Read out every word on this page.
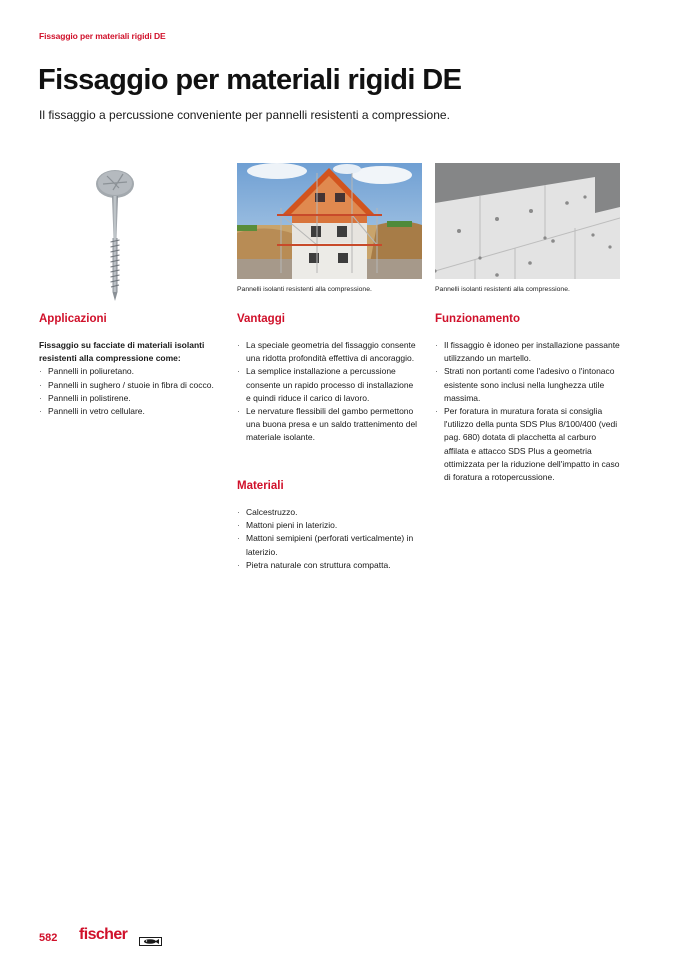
Fissaggio per materiali rigidi DE
Fissaggio per materiali rigidi DE

Il fissaggio a percussione conveniente per pannelli resistenti a compressione.

Pannelli isolanti resistenti alla compressione.	Pannelli isolanti resistenti alla compressione.
Applicazioni

Fissaggio su facciate di materiali isolanti resistenti alla compressione come:

· Pannelli in poliuretano.
· Pannelli in sughero / stuoie in fibra di cocco.
· Pannelli in polistirene.
· Pannelli in vetro cellulare.
Vantaggi
· La speciale geometria del fissaggio consente una ridotta profondità effettiva di ancoraggio.
· La semplice installazione a percussione consente un rapido processo di installazione e quindi riduce il carico di lavoro.
· Le nervature flessibili del gambo permettono una buona presa e un saldo trattenimento del materiale isolante.
Materiali
· Calcestruzzo.
· Mattoni pieni in laterizio.
· Mattoni semipieni (perforati verticalmente) in laterizio.
· Pietra naturale con struttura compatta.
Funzionamento
· Il fissaggio è idoneo per installazione passante utilizzando un martello.
· Strati non portanti come l'adesivo o l'intonaco esistente sono inclusi nella lunghezza utile massima.
· Per foratura in muratura forata si consiglia l'utilizzo della punta SDS Plus 8/100/400 (vedi pag. 680) dotata di placchetta al carburo affilata e attacco SDS Plus a geometria ottimizzata per la riduzione dell'impatto in caso di foratura a rotopercussione.
582 fischer
